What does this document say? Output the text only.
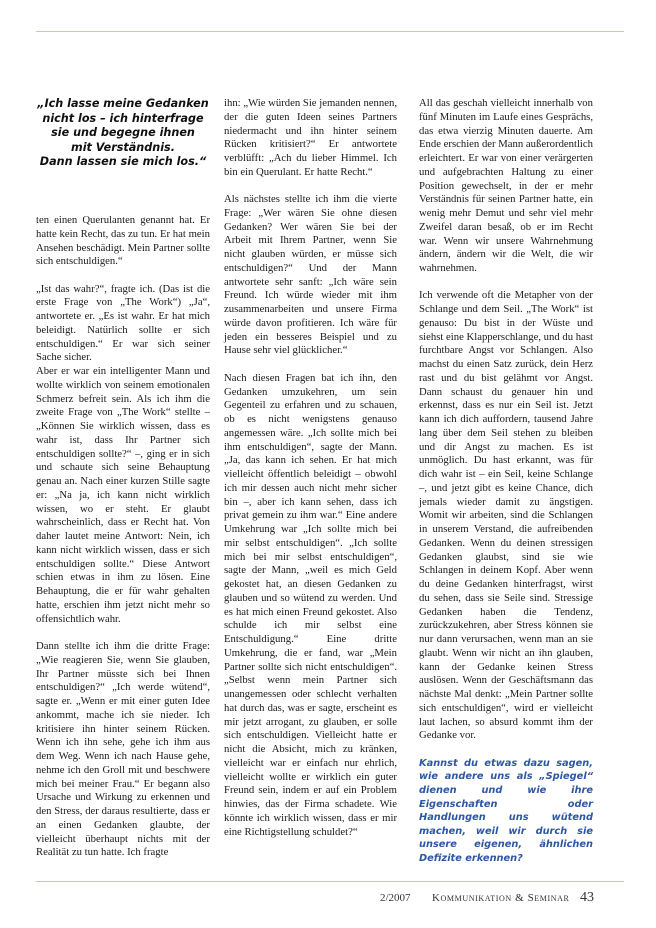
„Ich lasse meine Gedanken
nicht los – ich hinterfrage
sie und begegne ihnen
mit Verständnis.
Dann lassen sie mich los.“

ten einen Querulanten genannt hat. Er hatte kein Recht, das zu tun. Er hat mein Ansehen beschädigt. Mein Partner sollte sich entschuldigen.“

„Ist das wahr?“, fragte ich. (Das ist die erste Frage von „The Work“) „Ja“, antwortete er. „Es ist wahr. Er hat mich beleidigt. Natürlich sollte er sich entschuldigen.“ Er war sich seiner Sache sicher.

Aber er war ein intelligenter Mann und wollte wirklich von seinem emotionalen Schmerz befreit sein. Als ich ihm die zweite Frage von „The Work“ stellte – „Können Sie wirklich wissen, dass es wahr ist, dass Ihr Partner sich entschuldigen sollte?“ –, ging er in sich und schaute sich seine Behauptung genau an. Nach einer kurzen Stille sagte er: „Na ja, ich kann nicht wirklich wissen, wo er steht. Er glaubt wahrscheinlich, dass er Recht hat. Von daher lautet meine Antwort: Nein, ich kann nicht wirklich wissen, dass er sich entschuldigen sollte.“ Diese Antwort schien etwas in ihm zu lösen. Eine Behauptung, die er für wahr gehalten hatte, erschien ihm jetzt nicht mehr so offensichtlich wahr.

Dann stellte ich ihm die dritte Frage: „Wie reagieren Sie, wenn Sie glauben, Ihr Partner müsste sich bei Ihnen entschuldigen?“ „Ich werde wütend“, sagte er. „Wenn er mit einer guten Idee ankommt, mache ich sie nieder. Ich kritisiere ihn hinter seinem Rücken. Wenn ich ihn sehe, gehe ich ihm aus dem Weg. Wenn ich nach Hause gehe, nehme ich den Groll mit und beschwere mich bei meiner Frau.“ Er begann also Ursache und Wirkung zu erkennen und den Stress, der daraus resultierte, dass er an einen Gedanken glaubte, der vielleicht überhaupt nichts mit der Realität zu tun hatte. Ich fragte

ihn: „Wie würden Sie jemanden nennen, der die guten Ideen seines Partners niedermacht und ihn hinter seinem Rücken kritisiert?“ Er antwortete verblüfft: „Ach du lieber Himmel. Ich bin ein Querulant. Er hatte Recht.“

Als nächstes stellte ich ihm die vierte Frage: „Wer wären Sie ohne diesen Gedanken? Wer wären Sie bei der Arbeit mit Ihrem Partner, wenn Sie nicht glauben würden, er müsse sich entschuldigen?“ Und der Mann antwortete sehr sanft: „Ich wäre sein Freund. Ich würde wieder mit ihm zusammenarbeiten und unsere Firma würde davon profitieren. Ich wäre für jeden ein besseres Beispiel und zu Hause sehr viel glücklicher.“

Nach diesen Fragen bat ich ihn, den Gedanken umzukehren, um sein Gegenteil zu erfahren und zu schauen, ob es nicht wenigstens genauso angemessen wäre. „Ich sollte mich bei ihm entschuldigen“, sagte der Mann. „Ja, das kann ich sehen. Er hat mich vielleicht öffentlich beleidigt – obwohl ich mir dessen auch nicht mehr sicher bin –, aber ich kann sehen, dass ich privat gemein zu ihm war.“ Eine andere Umkehrung war „Ich sollte mich bei mir selbst entschuldigen“. „Ich sollte mich bei mir selbst entschuldigen“, sagte der Mann, „weil es mich Geld gekostet hat, an diesen Gedanken zu glauben und so wütend zu werden. Und es hat mich einen Freund gekostet. Also schulde ich mir selbst eine Entschuldigung.“ Eine dritte Umkehrung, die er fand, war „Mein Partner sollte sich nicht entschuldigen“. „Selbst wenn mein Partner sich unangemessen oder schlecht verhalten hat durch das, was er sagte, erscheint es mir jetzt arrogant, zu glauben, er solle sich entschuldigen. Vielleicht hatte er nicht die Absicht, mich zu kränken, vielleicht war er einfach nur ehrlich, vielleicht wollte er wirklich ein guter Freund sein, indem er auf ein Problem hinwies, das der Firma schadete. Wie könnte ich wirklich wissen, dass er mir eine Richtigstellung schuldet?“

All das geschah vielleicht innerhalb von fünf Minuten im Laufe eines Gesprächs, das etwa vierzig Minuten dauerte. Am Ende erschien der Mann außerordentlich erleichtert. Er war von einer verärgerten und aufgebrachten Haltung zu einer Position gewechselt, in der er mehr Verständnis für seinen Partner hatte, ein wenig mehr Demut und sehr viel mehr Zweifel daran besaß, ob er im Recht war. Wenn wir unsere Wahrnehmung ändern, ändern wir die Welt, die wir wahrnehmen.

Ich verwende oft die Metapher von der Schlange und dem Seil. „The Work“ ist genauso: Du bist in der Wüste und siehst eine Klapperschlange, und du hast furchtbare Angst vor Schlangen. Also machst du einen Satz zurück, dein Herz rast und du bist gelähmt vor Angst. Dann schaust du genauer hin und erkennst, dass es nur ein Seil ist. Jetzt kann ich dich auffordern, tausend Jahre lang über dem Seil stehen zu bleiben und dir Angst zu machen. Es ist unmöglich. Du hast erkannt, was für dich wahr ist – ein Seil, keine Schlange –, und jetzt gibt es keine Chance, dich jemals wieder damit zu ängstigen. Womit wir arbeiten, sind die Schlangen in unserem Verstand, die aufreibenden Gedanken. Wenn du deinen stressigen Gedanken glaubst, sind sie wie Schlangen in deinem Kopf. Aber wenn du deine Gedanken hinterfragst, wirst du sehen, dass sie Seile sind. Stressige Gedanken haben die Tendenz, zurückzukehren, aber Stress können sie nur dann verursachen, wenn man an sie glaubt. Wenn wir nicht an ihn glauben, kann der Gedanke keinen Stress auslösen. Wenn der Geschäftsmann das nächste Mal denkt: „Mein Partner sollte sich entschuldigen“, wird er vielleicht laut lachen, so absurd kommt ihm der Gedanke vor.

Kannst du etwas dazu sagen, wie andere uns als „Spiegel“ dienen und wie ihre Eigenschaften oder Handlungen uns wütend machen, weil wir durch sie unsere eigenen, ähnlichen Defizite erkennen?

2/2007 Kommunikation & Seminar 43
